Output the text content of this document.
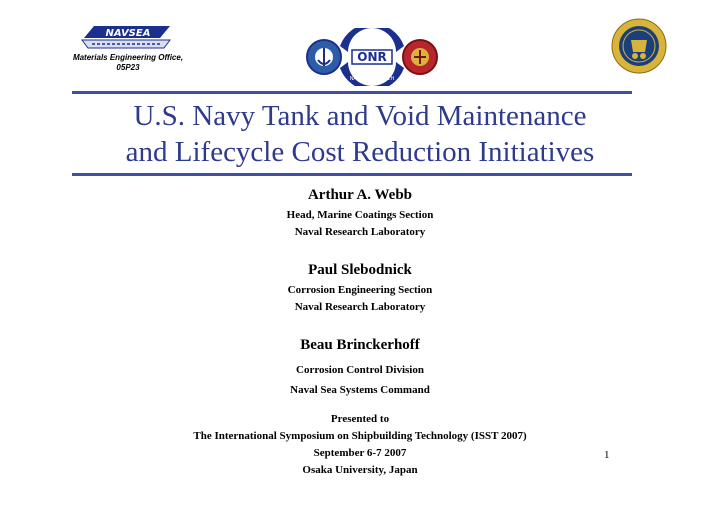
NAVSEA
Materials Engineering Office,
05P23
OFFICE OF
NAVAL RESEARCH
ONR
U.S. Navy Tank and Void Maintenance
and Lifecycle Cost Reduction Initiatives
Arthur A. Webb
Head, Marine Coatings Section
Naval Research Laboratory
Paul Slebodnick
Corrosion Engineering Section
Naval Research Laboratory
Beau Brinckerhoff
Corrosion Control Division
Naval Sea Systems Command
Presented to
The International Symposium on Shipbuilding Technology (ISST 2007)
September 6-7 2007
Osaka University, Japan
1
